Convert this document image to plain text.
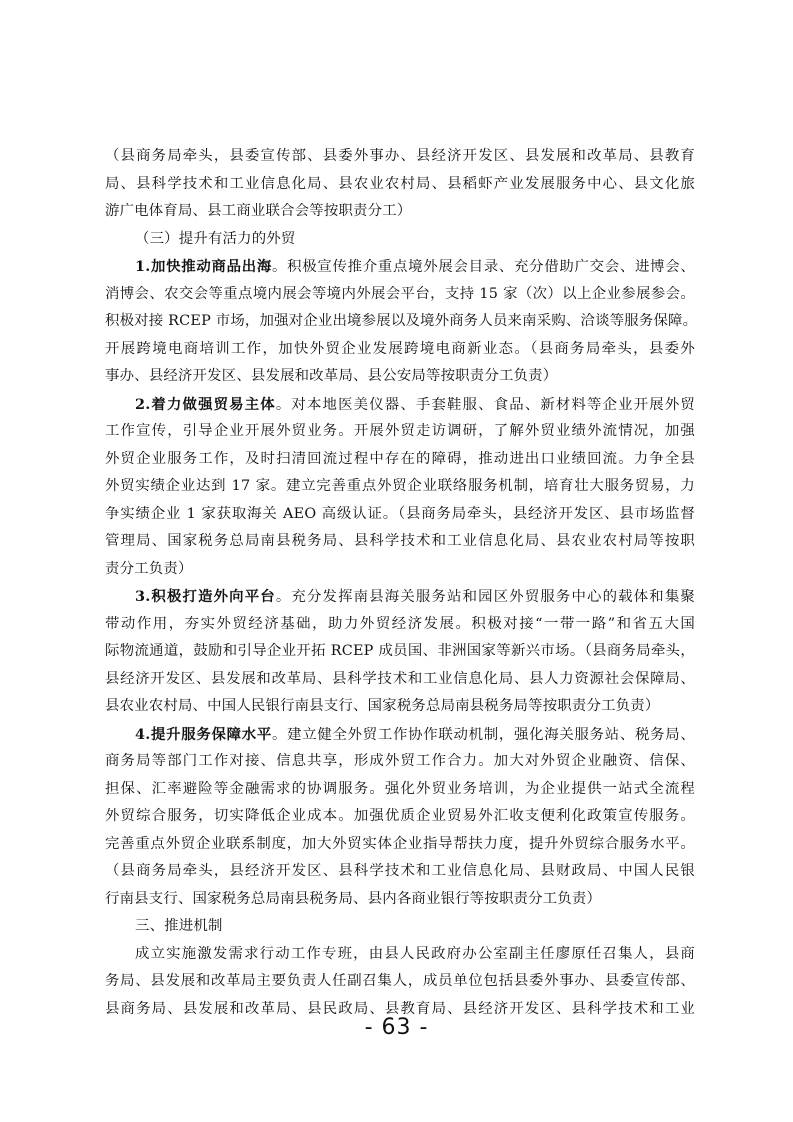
（县商务局牵头，县委宣传部、县委外事办、县经济开发区、县发展和改革局、县教育
局、县科学技术和工业信息化局、县农业农村局、县稻虾产业发展服务中心、县文化旅
游广电体育局、县工商业联合会等按职责分工）
（三）提升有活力的外贸
1.加快推动商品出海。积极宣传推介重点境外展会目录、充分借助广交会、进博会、
消博会、农交会等重点境内展会等境内外展会平台，支持 15 家（次）以上企业参展参会。
积极对接 RCEP 市场，加强对企业出境参展以及境外商务人员来南采购、洽谈等服务保障。
开展跨境电商培训工作，加快外贸企业发展跨境电商新业态。（县商务局牵头，县委外
事办、县经济开发区、县发展和改革局、县公安局等按职责分工负责）
2.着力做强贸易主体。对本地医美仪器、手套鞋服、食品、新材料等企业开展外贸
工作宣传，引导企业开展外贸业务。开展外贸走访调研，了解外贸业绩外流情况，加强
外贸企业服务工作，及时扫清回流过程中存在的障碍，推动进出口业绩回流。力争全县
外贸实绩企业达到 17 家。建立完善重点外贸企业联络服务机制，培育壮大服务贸易，力
争实绩企业 1 家获取海关 AEO 高级认证。（县商务局牵头，县经济开发区、县市场监督
管理局、国家税务总局南县税务局、县科学技术和工业信息化局、县农业农村局等按职
责分工负责）
3.积极打造外向平台。充分发挥南县海关服务站和园区外贸服务中心的载体和集聚
带动作用，夯实外贸经济基础，助力外贸经济发展。积极对接“一带一路”和省五大国
际物流通道，鼓励和引导企业开拓 RCEP 成员国、非洲国家等新兴市场。（县商务局牵头，
县经济开发区、县发展和改革局、县科学技术和工业信息化局、县人力资源社会保障局、
县农业农村局、中国人民银行南县支行、国家税务总局南县税务局等按职责分工负责）
4.提升服务保障水平。建立健全外贸工作协作联动机制，强化海关服务站、税务局、
商务局等部门工作对接、信息共享，形成外贸工作合力。加大对外贸企业融资、信保、
担保、汇率避险等金融需求的协调服务。强化外贸业务培训，为企业提供一站式全流程
外贸综合服务，切实降低企业成本。加强优质企业贸易外汇收支便利化政策宣传服务。
完善重点外贸企业联系制度，加大外贸实体企业指导帮扶力度，提升外贸综合服务水平。
（县商务局牵头，县经济开发区、县科学技术和工业信息化局、县财政局、中国人民银
行南县支行、国家税务总局南县税务局、县内各商业银行等按职责分工负责）
三、推进机制
成立实施激发需求行动工作专班，由县人民政府办公室副主任廖原任召集人，县商
务局、县发展和改革局主要负责人任副召集人，成员单位包括县委外事办、县委宣传部、
县商务局、县发展和改革局、县民政局、县教育局、县经济开发区、县科学技术和工业
- 63 -
